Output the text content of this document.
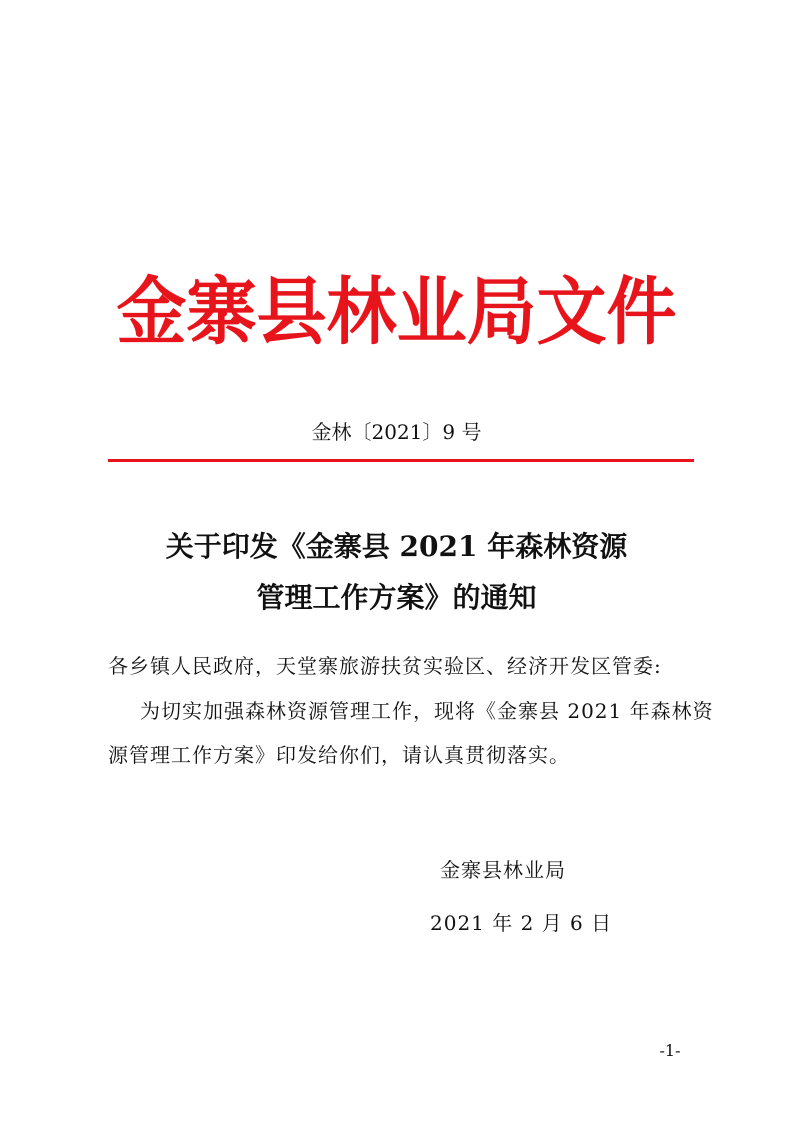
金寨县林业局文件
金林〔2021〕9 号
关于印发《金寨县 2021 年森林资源
管理工作方案》的通知
各乡镇人民政府，天堂寨旅游扶贫实验区、经济开发区管委:
为切实加强森林资源管理工作，现将《金寨县 2021 年森林资
源管理工作方案》印发给你们，请认真贯彻落实。
金寨县林业局
2021 年 2 月 6 日
-1-
